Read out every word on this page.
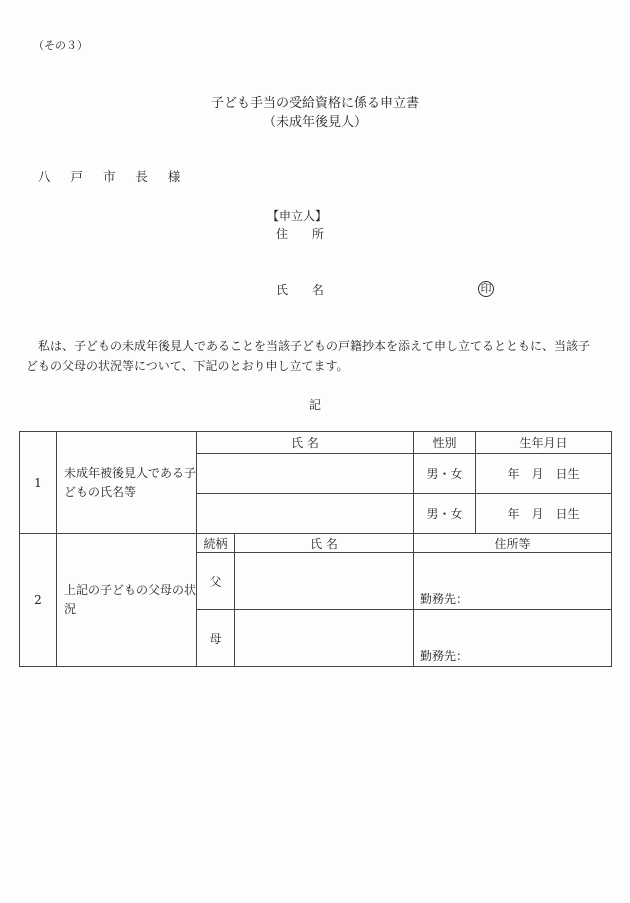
（その３）
子ども手当の受給資格に係る申立書
（未成年後見人）
八 戸 市 長 様
【申立人】
住 所
氏 名	印
私は、子どもの未成年後見人であることを当該子どもの戸籍抄本を添えて申し立てるとともに、当該子どもの父母の状況等について、下記のとおり申し立てます。
記
1	未成年被後見人である子どもの氏名等	氏 名		性別	生年月日
				男・女	年　月　日生
				男・女	年　月　日生
2	上記の子どもの父母の状況	続柄	氏 名	住所等	
		父		勤務先：	
		母		勤務先：	
